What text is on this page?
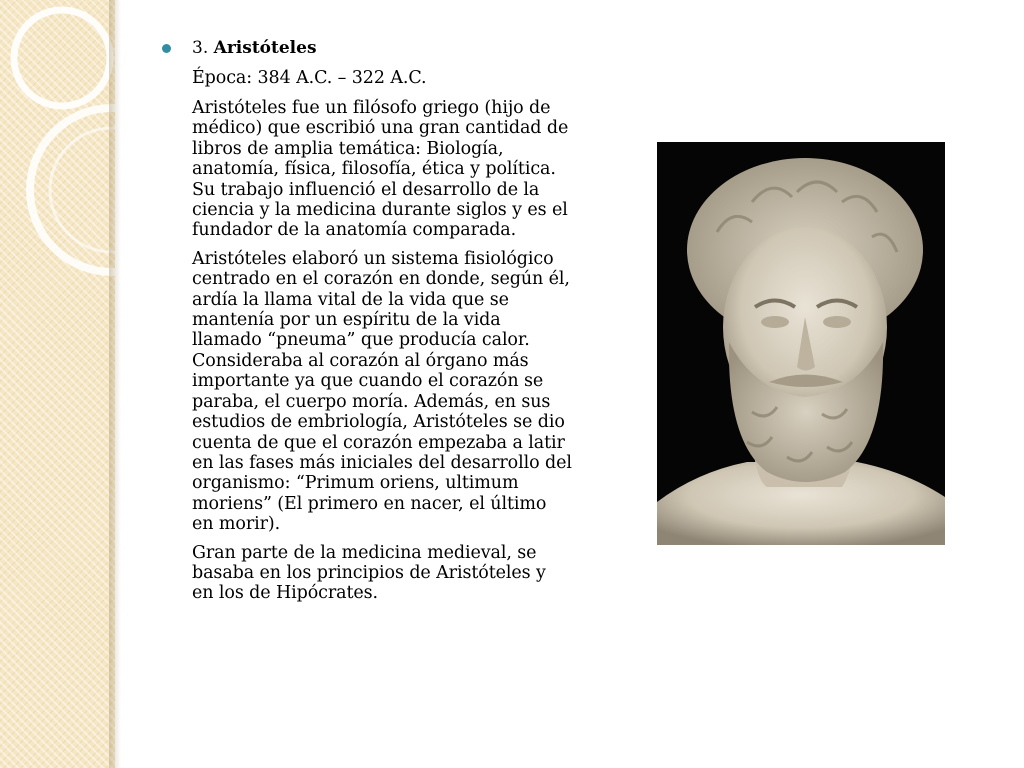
3. Aristóteles
Época: 384 A.C. – 322 A.C.
Aristóteles fue un filósofo griego (hijo de médico) que escribió una gran cantidad de libros de amplia temática: Biología, anatomía, física, filosofía, ética y política. Su trabajo influenció el desarrollo de la ciencia y la medicina durante siglos y es el fundador de la anatomía comparada.
Aristóteles elaboró un sistema fisiológico centrado en el corazón en donde, según él, ardía la llama vital de la vida que se mantenía por un espíritu de la vida llamado “pneuma” que producía calor. Consideraba al corazón al órgano más importante ya que cuando el corazón se paraba, el cuerpo moría. Además, en sus estudios de embriología, Aristóteles se dio cuenta de que el corazón empezaba a latir en las fases más iniciales del desarrollo del organismo: “Primum oriens, ultimum moriens” (El primero en nacer, el último en morir).
Gran parte de la medicina medieval, se basaba en los principios de Aristóteles y en los de Hipócrates.
